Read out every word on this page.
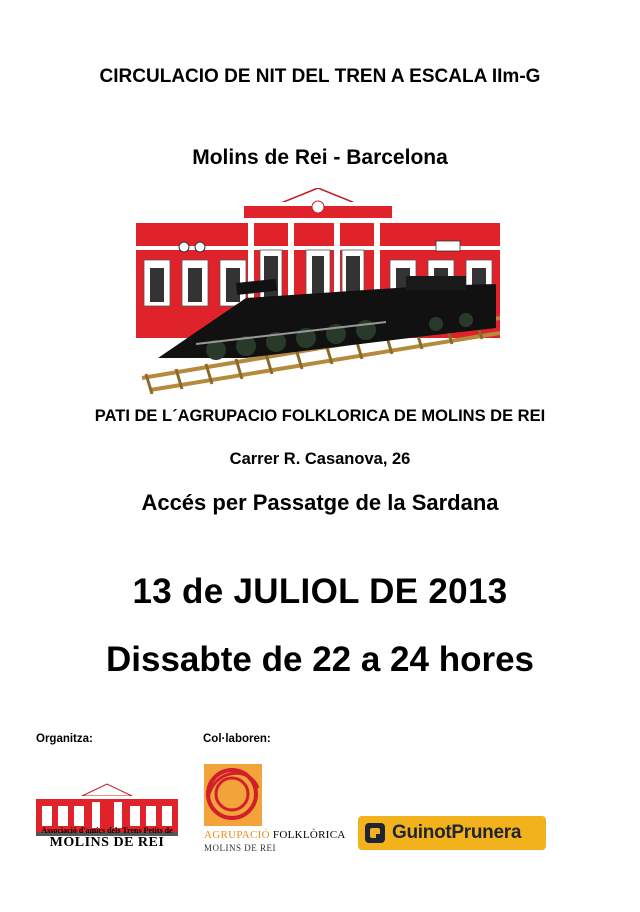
CIRCULACIO DE NIT DEL TREN A ESCALA IIm-G
Molins de Rei - Barcelona
PATI DE L´AGRUPACIO FOLKLORICA DE MOLINS DE REI
Carrer R. Casanova, 26
Accés per Passatge de la Sardana
13 de JULIOL DE 2013
Dissabte de 22 a 24 hores
Organitza:	Col·laboren:
Associació d'amics dels Trens Petits de
MOLINS DE REI	AGRUPACIÓ FOLKLÒRICA
MOLINS DE REI
GuinotPrunera
